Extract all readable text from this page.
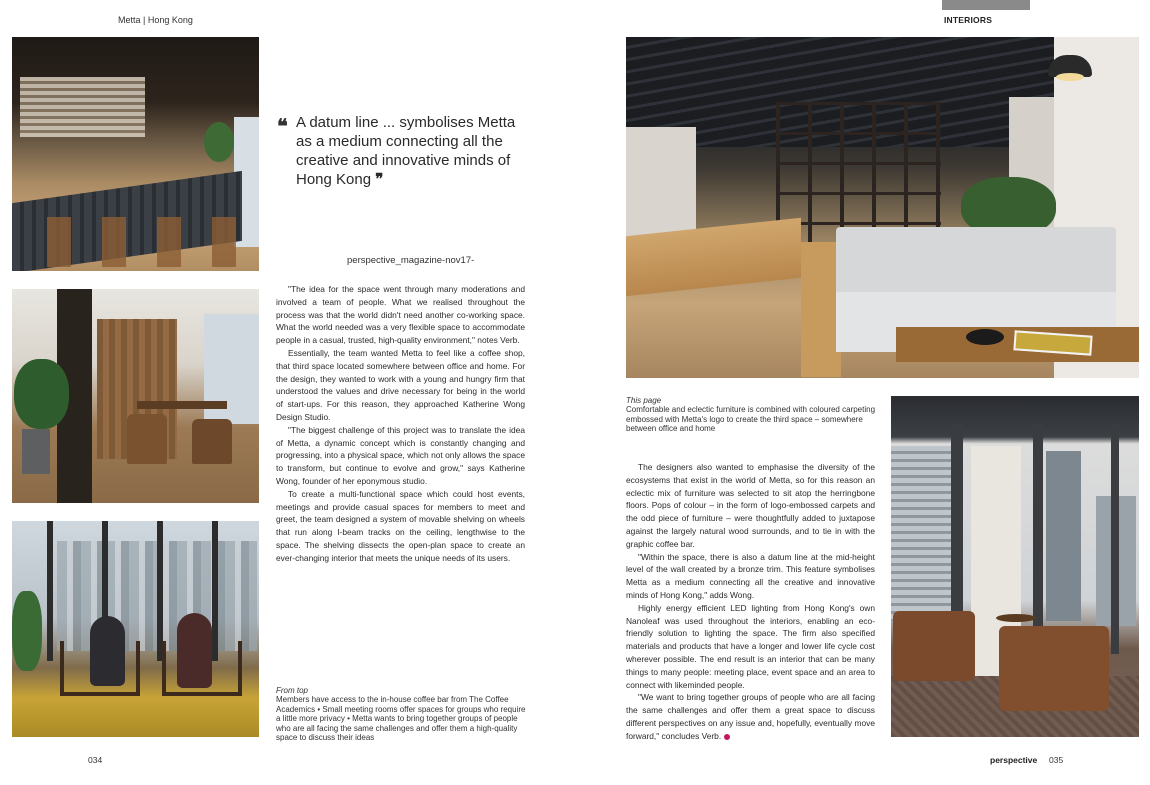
Metta | Hong Kong	INTERIORS
❝ A datum line ... symbolises Metta as a medium connecting all the creative and innovative minds of Hong Kong ❞
perspective_magazine-nov17-

"The idea for the space went through many moderations and involved a team of people. What we realised throughout the process was that the world didn't need another co-working space. What the world needed was a very flexible space to accommodate people in a casual, trusted, high-quality environment," notes Verb.

Essentially, the team wanted Metta to feel like a coffee shop, that third space located somewhere between office and home. For the design, they wanted to work with a young and hungry firm that understood the values and drive necessary for being in the world of start-ups. For this reason, they approached Katherine Wong Design Studio.

"The biggest challenge of this project was to translate the idea of Metta, a dynamic concept which is constantly changing and progressing, into a physical space, which not only allows the space to transform, but continue to evolve and grow," says Katherine Wong, founder of her eponymous studio.

To create a multi-functional space which could host events, meetings and provide casual spaces for members to meet and greet, the team designed a system of movable shelving on wheels that run along I-beam tracks on the ceiling, lengthwise to the space. The shelving dissects the open-plan space to create an ever-changing interior that meets the unique needs of its users.

The designers also wanted to emphasise the diversity of the ecosystems that exist in the world of Metta, so for this reason an eclectic mix of furniture was selected to sit atop the herringbone floors. Pops of colour – in the form of logo-embossed carpets and the odd piece of furniture – were thoughtfully added to juxtapose against the largely natural wood surrounds, and to tie in with the graphic coffee bar.

"Within the space, there is also a datum line at the mid-height level of the wall created by a bronze trim. This feature symbolises Metta as a medium connecting all the creative and innovative minds of Hong Kong," adds Wong.

Highly energy efficient LED lighting from Hong Kong's own Nanoleaf was used throughout the interiors, enabling an eco-friendly solution to lighting the space. The firm also specified materials and products that have a longer and lower life cycle cost wherever possible. The end result is an interior that can be many things to many people: meeting place, event space and an area to connect with likeminded people.

"We want to bring together groups of people who are all facing the same challenges and offer them a great space to discuss different perspectives on any issue and, hopefully, eventually move forward," concludes Verb.

From top
Members have access to the in-house coffee bar from The Coffee Academics • Small meeting rooms offer spaces for groups who require a little more privacy • Metta wants to bring together groups of people who are all facing the same challenges and offer them a high-quality space to discuss their ideas
This page
Comfortable and eclectic furniture is combined with coloured carpeting embossed with Metta's logo to create the third space – somewhere between office and home
034	perspective 035
